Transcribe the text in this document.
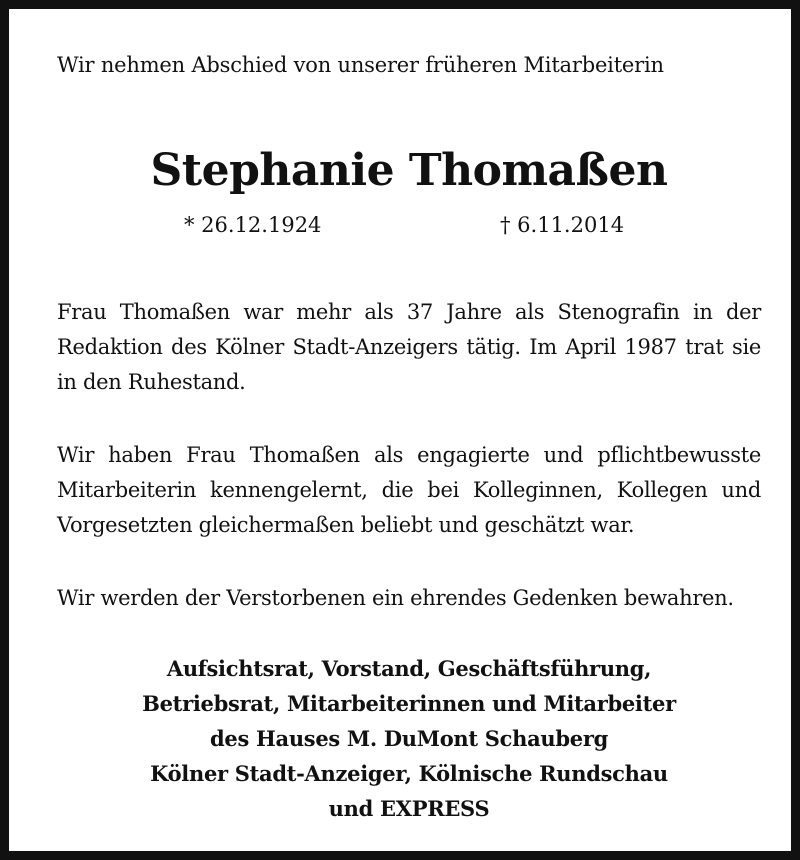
Wir nehmen Abschied von unserer früheren Mitarbeiterin
Stephanie Thomaßen
* 26.12.1924	† 6.11.2014
Frau Thomaßen war mehr als 37 Jahre als Stenografin in der Redaktion des Kölner Stadt-Anzeigers tätig. Im April 1987 trat sie in den Ruhestand.
Wir haben Frau Thomaßen als engagierte und pflichtbewusste Mitarbeiterin kennengelernt, die bei Kolleginnen, Kollegen und Vorgesetzten gleichermaßen beliebt und geschätzt war.
Wir werden der Verstorbenen ein ehrendes Gedenken bewahren.
Aufsichtsrat, Vorstand, Geschäftsführung,
Betriebsrat, Mitarbeiterinnen und Mitarbeiter
des Hauses M. DuMont Schauberg
Kölner Stadt-Anzeiger, Kölnische Rundschau
und EXPRESS
